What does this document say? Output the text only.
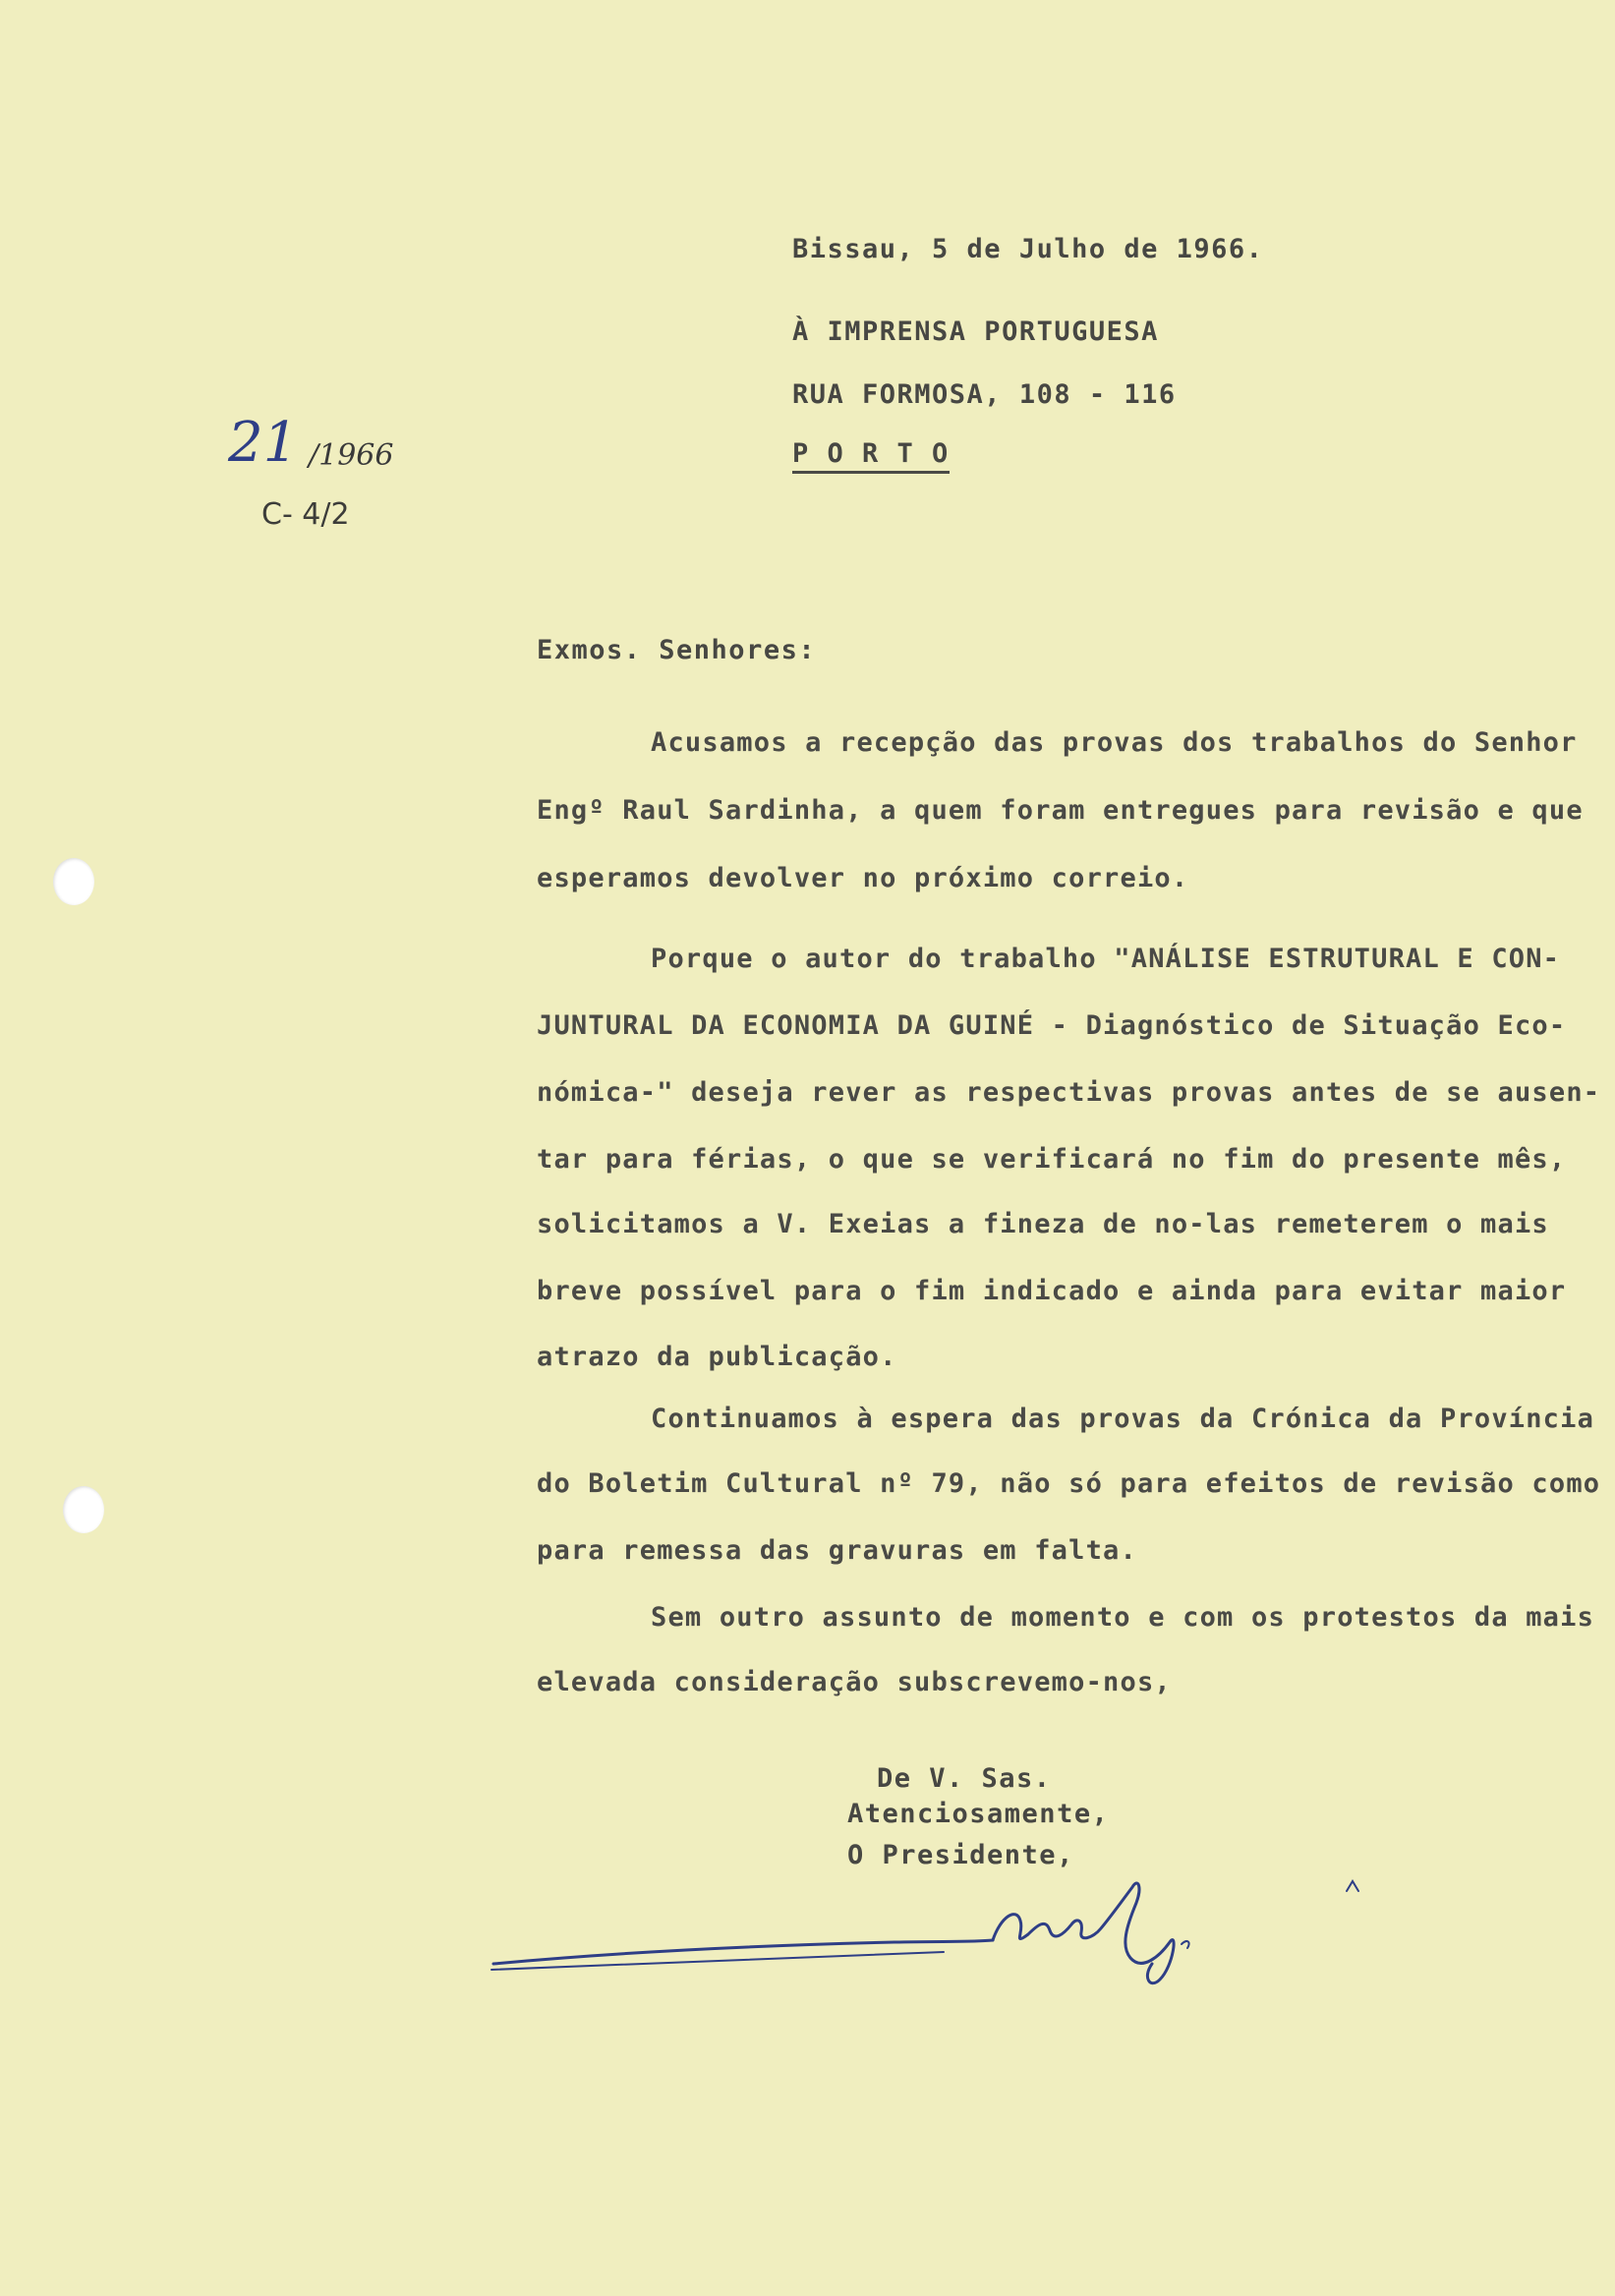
Bissau, 5 de Julho de 1966.

À IMPRENSA PORTUGUESA

RUA FORMOSA, 108 - 116

P O R T O

21 /1966
C- 4/2

Exmos. Senhores:

Acusamos a recepção das provas dos trabalhos do Senhor

Engº Raul Sardinha, a quem foram entregues para revisão e que

esperamos devolver no próximo correio.

Porque o autor do trabalho "ANÁLISE ESTRUTURAL E CON-

JUNTURAL DA ECONOMIA DA GUINÉ - Diagnóstico de Situação Eco-

nómica-" deseja rever as respectivas provas antes de se ausen-

tar para férias, o que se verificará no fim do presente mês,

solicitamos a V. Exeias a fineza de no-las remeterem o mais

breve possível para o fim indicado e ainda para evitar maior

atrazo da publicação.

Continuamos à espera das provas da Crónica da Província

do Boletim Cultural nº 79, não só para efeitos de revisão como

para remessa das gravuras em falta.

Sem outro assunto de momento e com os protestos da mais

elevada consideração subscrevemo-nos,

De V. Sas.

Atenciosamente,

O Presidente,
